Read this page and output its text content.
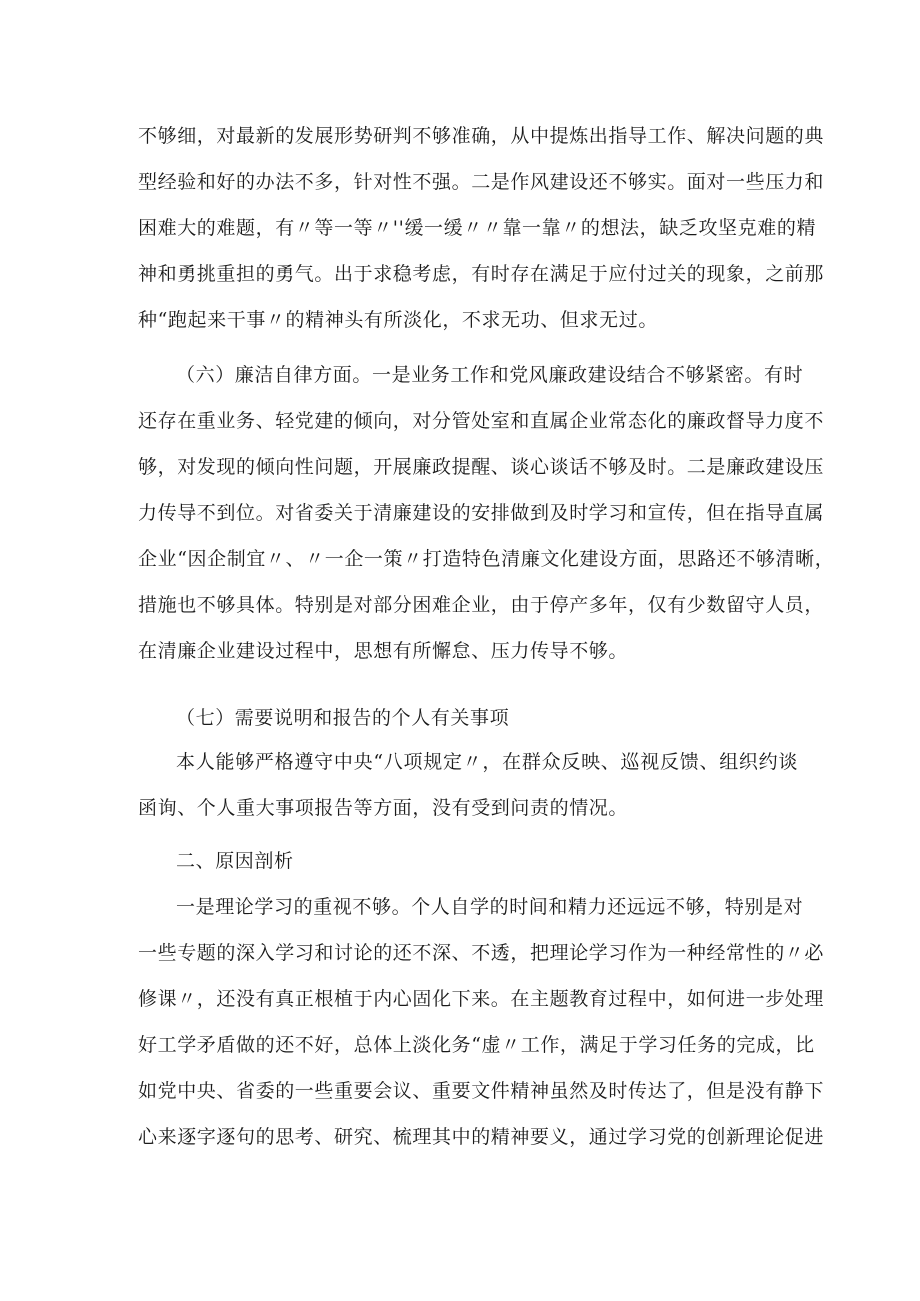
不够细，对最新的发展形势研判不够准确，从中提炼出指导工作、解决问题的典
型经验和好的办法不多，针对性不强。二是作风建设还不够实。面对一些压力和
困难大的难题，有〃等一等〃''缓一缓〃〃靠一靠〃的想法，缺乏攻坚克难的精
神和勇挑重担的勇气。出于求稳考虑，有时存在满足于应付过关的现象，之前那
种“跑起来干事〃的精神头有所淡化，不求无功、但求无过。
（六）廉洁自律方面。一是业务工作和党风廉政建设结合不够紧密。有时
还存在重业务、轻党建的倾向，对分管处室和直属企业常态化的廉政督导力度不
够，对发现的倾向性问题，开展廉政提醒、谈心谈话不够及时。二是廉政建设压
力传导不到位。对省委关于清廉建设的安排做到及时学习和宣传，但在指导直属
企业“因企制宜〃、〃一企一策〃打造特色清廉文化建设方面，思路还不够清晰，
措施也不够具体。特别是对部分困难企业，由于停产多年，仅有少数留守人员，
在清廉企业建设过程中，思想有所懈怠、压力传导不够。
（七）需要说明和报告的个人有关事项
本人能够严格遵守中央“八项规定〃，在群众反映、巡视反馈、组织约谈
函询、个人重大事项报告等方面，没有受到问责的情况。
二、原因剖析
一是理论学习的重视不够。个人自学的时间和精力还远远不够，特别是对
一些专题的深入学习和讨论的还不深、不透，把理论学习作为一种经常性的〃必
修课〃，还没有真正根植于内心固化下来。在主题教育过程中，如何进一步处理
好工学矛盾做的还不好，总体上淡化务“虚〃工作，满足于学习任务的完成，比
如党中央、省委的一些重要会议、重要文件精神虽然及时传达了，但是没有静下
心来逐字逐句的思考、研究、梳理其中的精神要义，通过学习党的创新理论促进
